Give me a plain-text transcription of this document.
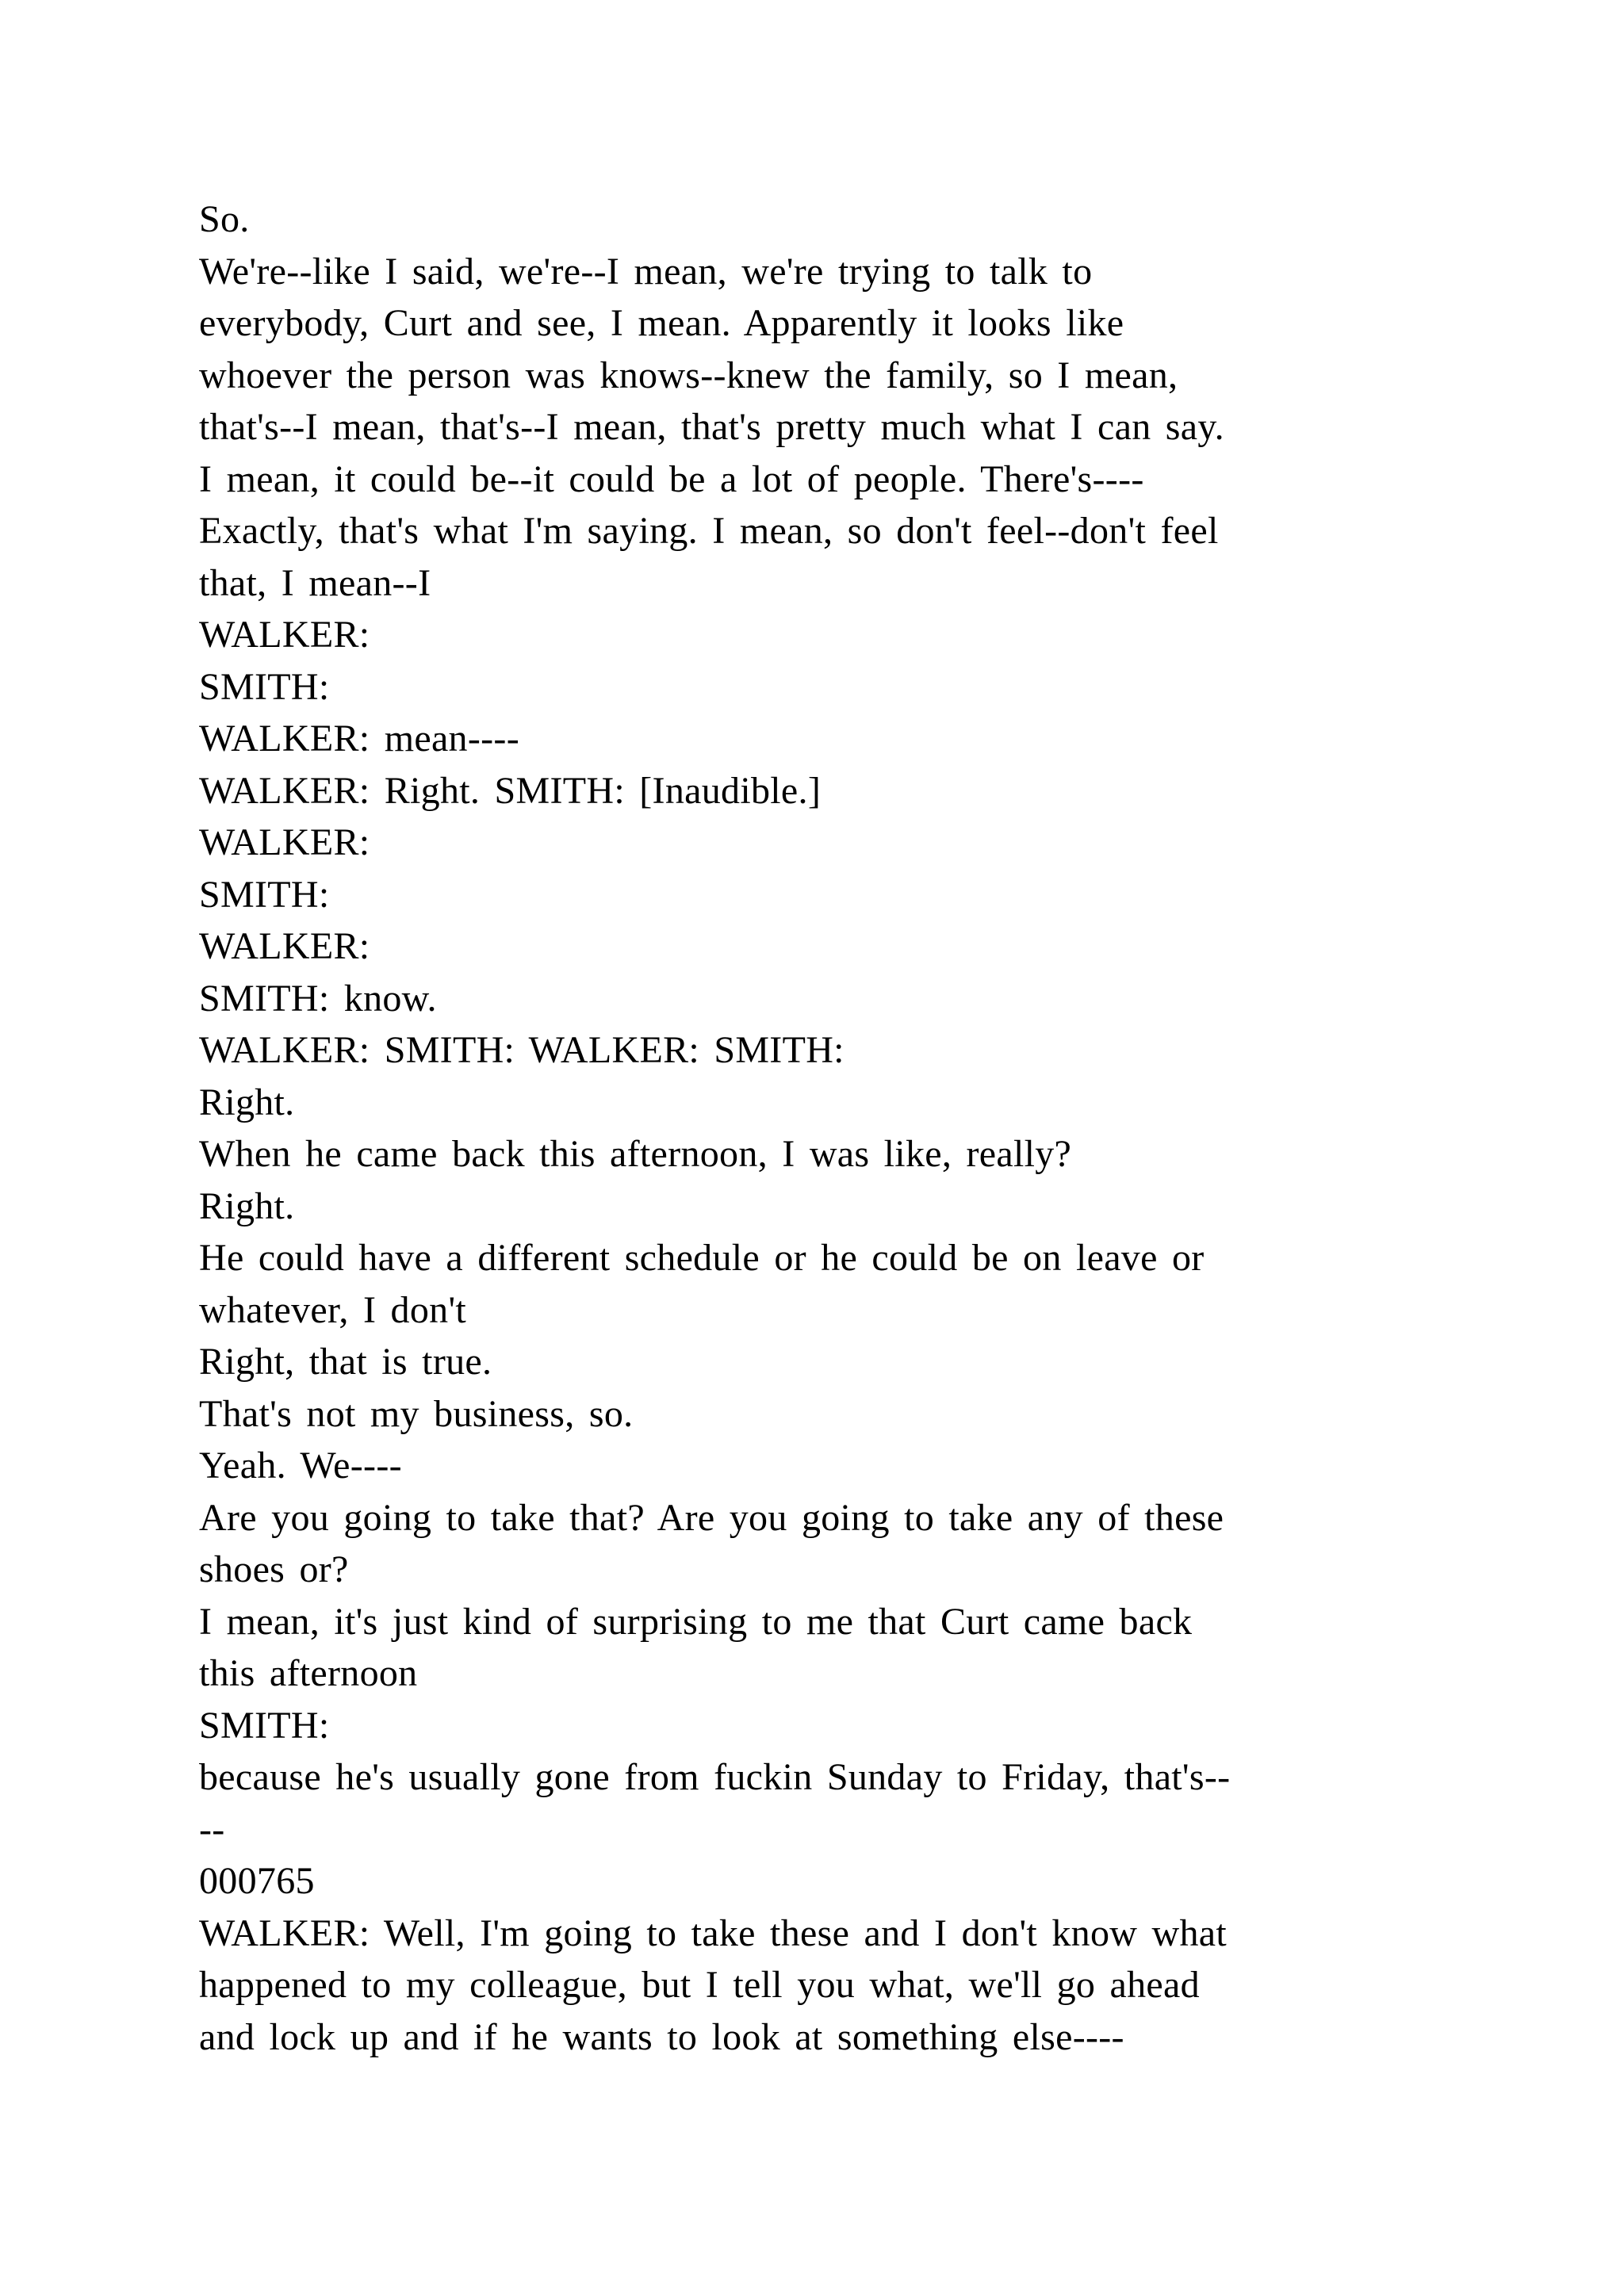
So.
We're--like I said, we're--I mean, we're trying to talk to
everybody, Curt and see, I mean. Apparently it looks like
whoever the person was knows--knew the family, so I mean,
that's--I mean, that's--I mean, that's pretty much what I can say.
I mean, it could be--it could be a lot of people. There's----
Exactly, that's what I'm saying. I mean, so don't feel--don't feel
that, I mean--I
WALKER:
SMITH:
WALKER: mean----
WALKER: Right. SMITH: [Inaudible.]
WALKER:
SMITH:
WALKER:
SMITH: know.
WALKER: SMITH: WALKER: SMITH:
Right.
When he came back this afternoon, I was like, really?
Right.
He could have a different schedule or he could be on leave or
whatever, I don't
Right, that is true.
That's not my business, so.
Yeah. We----
Are you going to take that? Are you going to take any of these
shoes or?
I mean, it's just kind of surprising to me that Curt came back
this afternoon
SMITH:
because he's usually gone from fuckin Sunday to Friday, that's--
--
000765
WALKER: Well, I'm going to take these and I don't know what
happened to my colleague, but I tell you what, we'll go ahead
and lock up and if he wants to look at something else----
